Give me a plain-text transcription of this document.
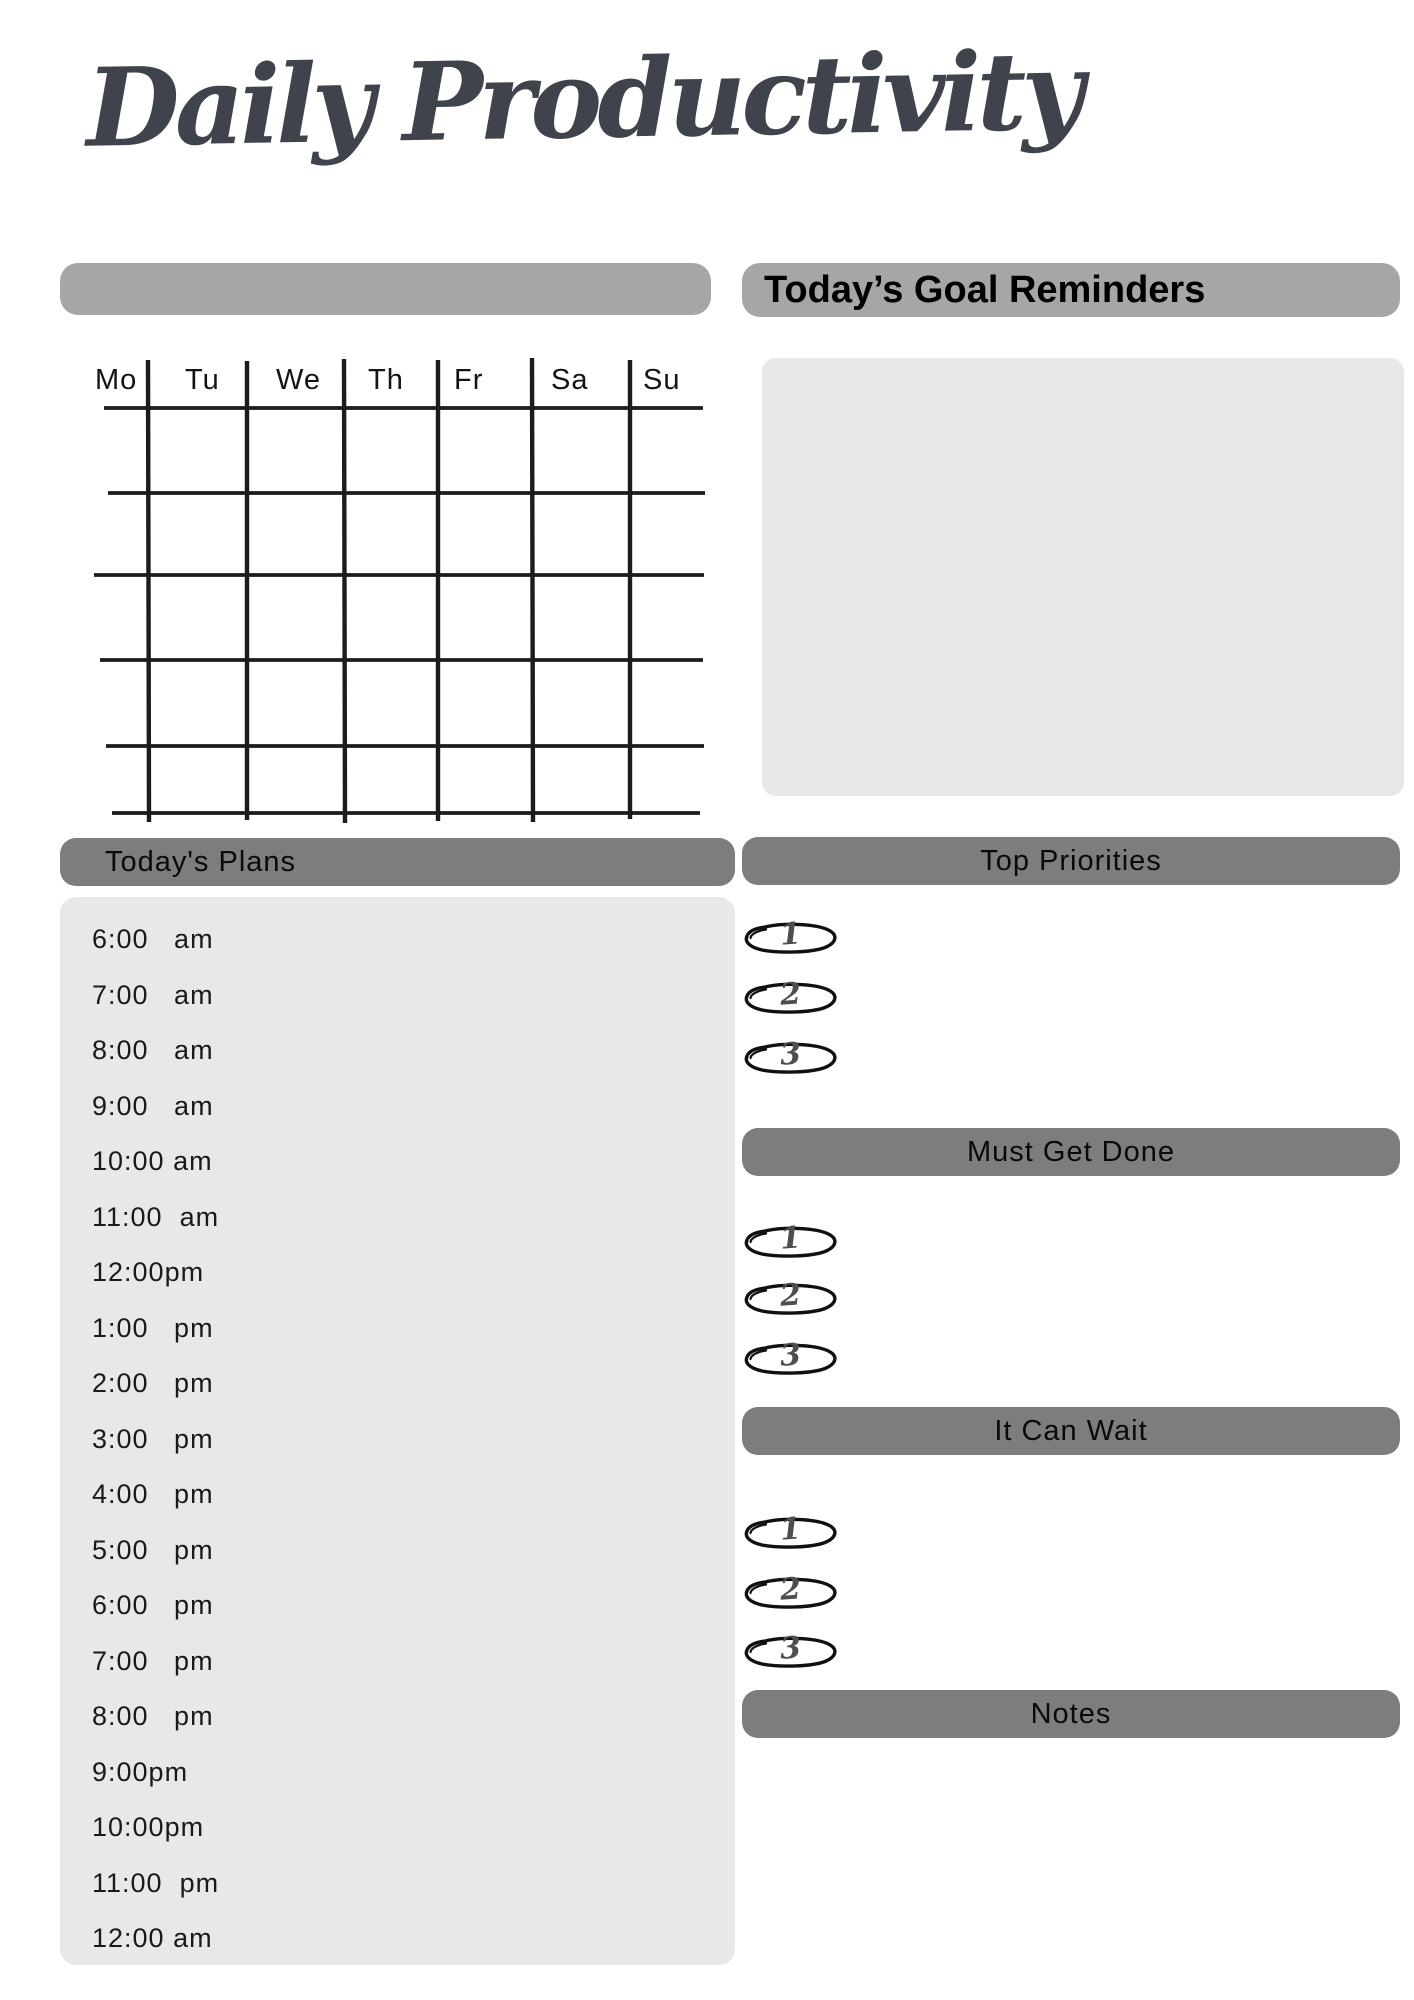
Daily Productivity
Today’s Goal Reminders
Mo Tu We Th Fr Sa Su
Today's Plans
6:00   am
7:00   am
8:00   am
9:00   am
10:00 am
11:00  am
12:00pm
1:00   pm
2:00   pm
3:00   pm
4:00   pm
5:00   pm
6:00   pm
7:00   pm
8:00   pm
9:00pm
10:00pm
11:00  pm
12:00 am
Top Priorities
1
2
3
Must Get Done
1
2
3
It Can Wait
1
2
3
Notes
